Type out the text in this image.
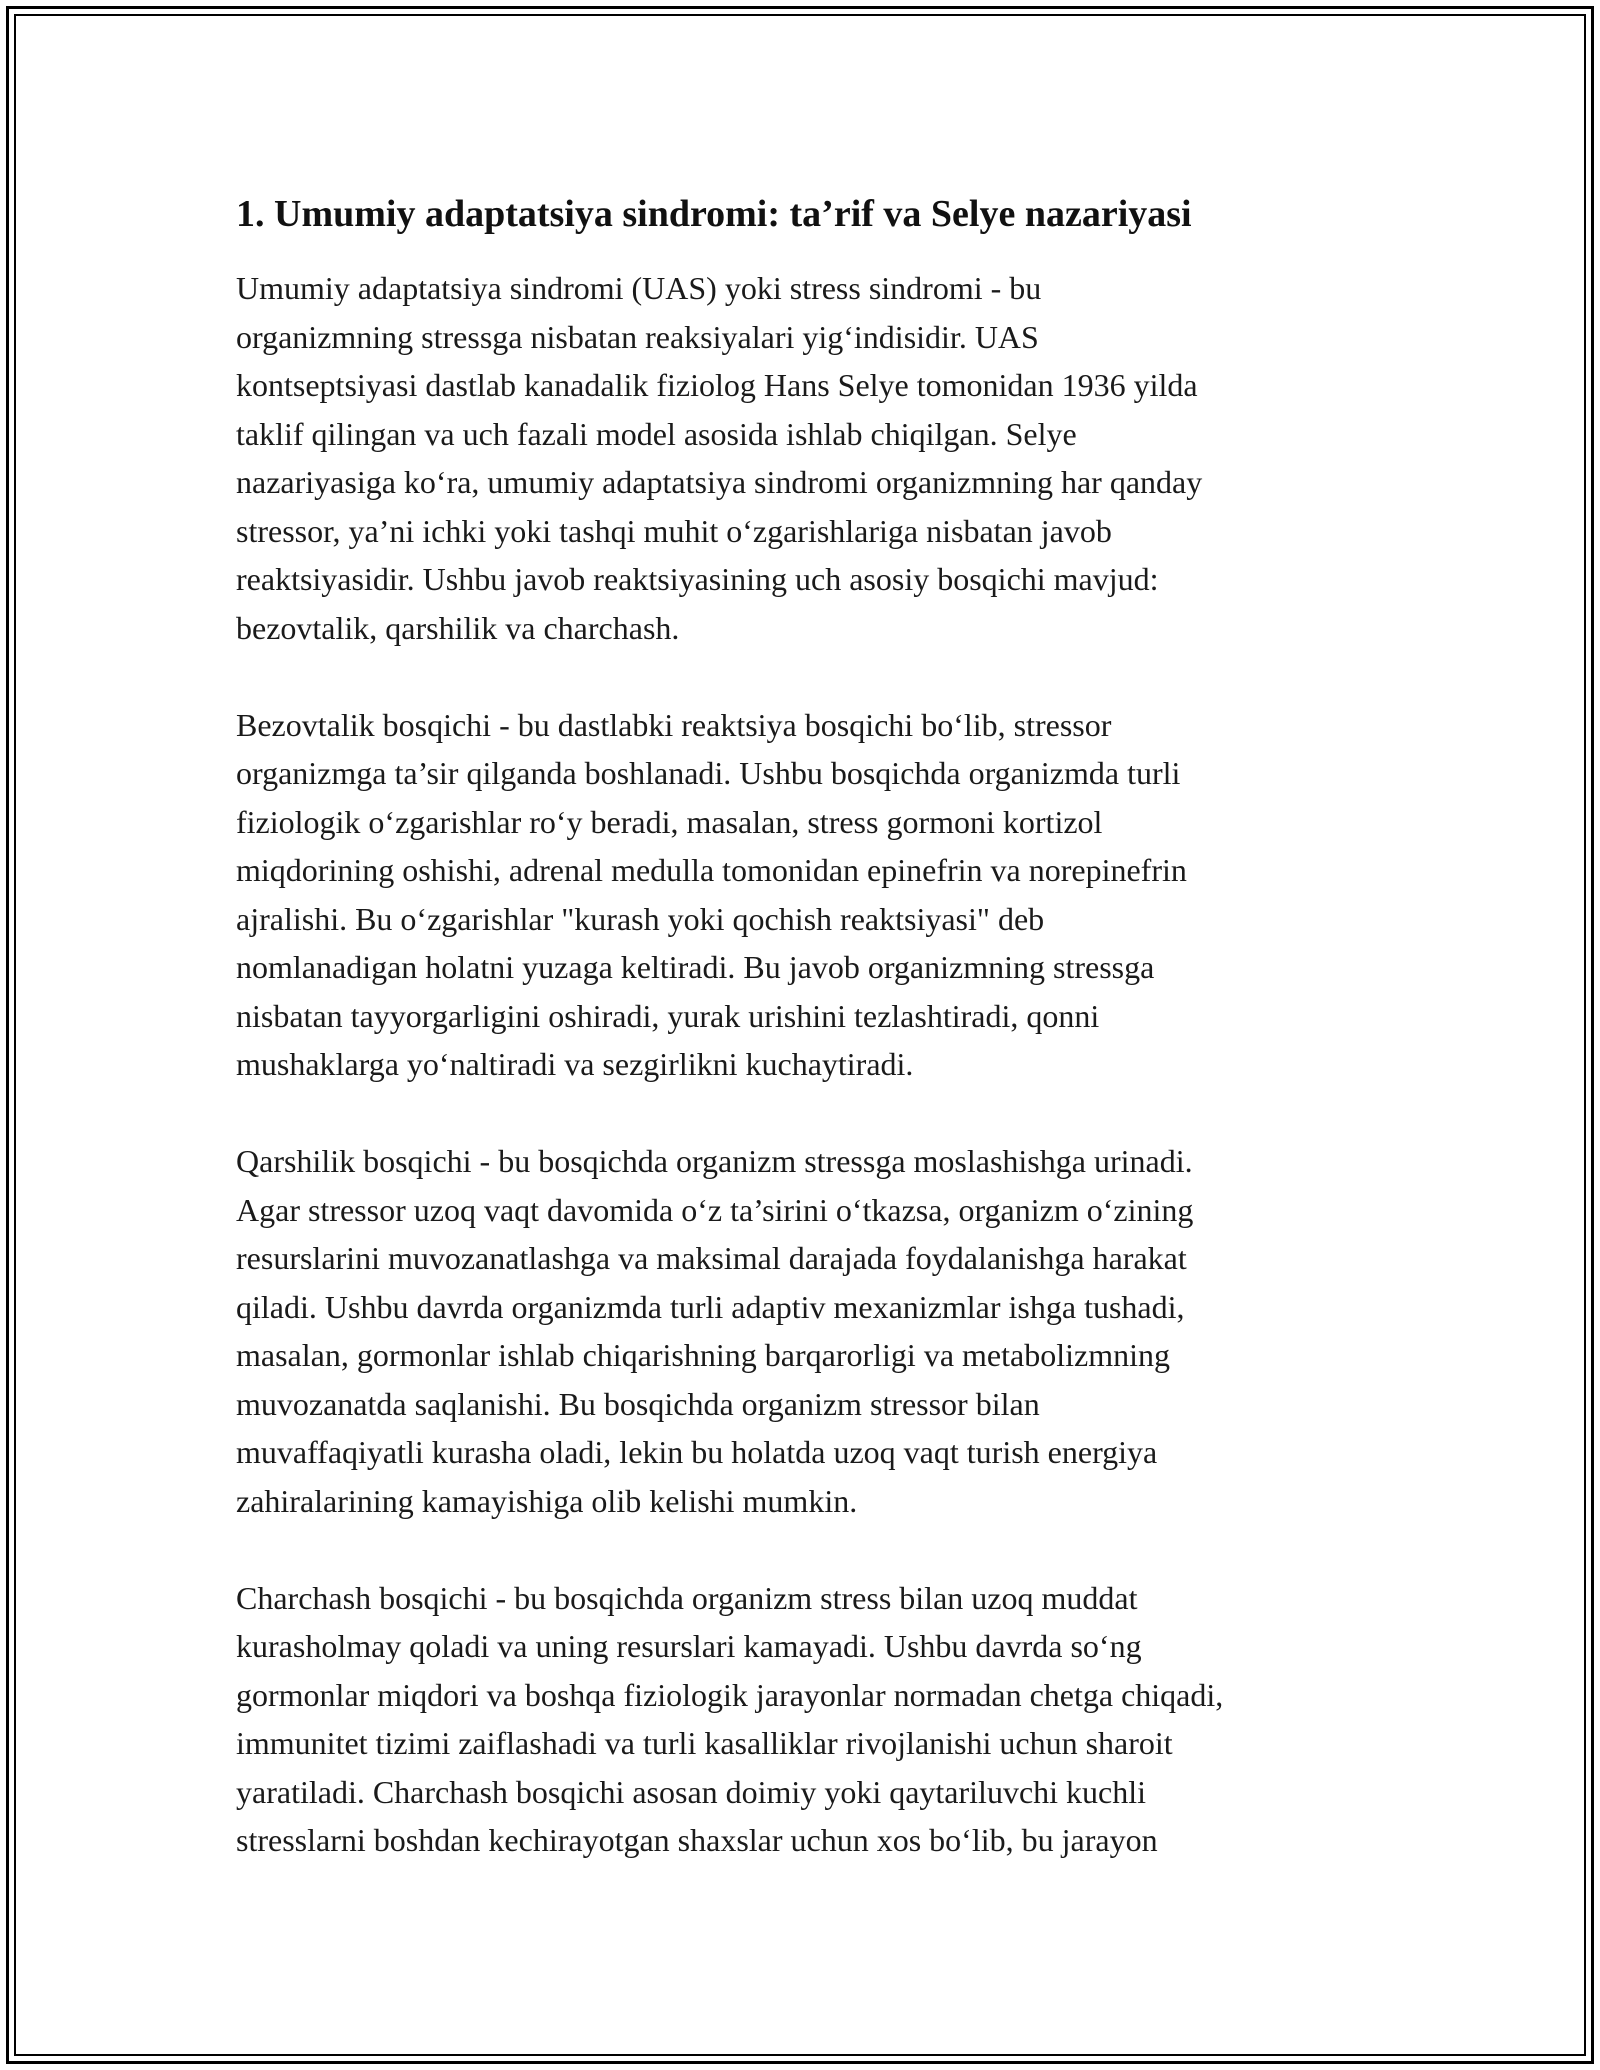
1. Umumiy adaptatsiya sindromi: ta’rif va Selye nazariyasi
Umumiy adaptatsiya sindromi (UAS) yoki stress sindromi - bu
organizmning stressga nisbatan reaksiyalari yig‘indisidir. UAS
kontseptsiyasi dastlab kanadalik fiziolog Hans Selye tomonidan 1936 yilda
taklif qilingan va uch fazali model asosida ishlab chiqilgan. Selye
nazariyasiga ko‘ra, umumiy adaptatsiya sindromi organizmning har qanday
stressor, ya’ni ichki yoki tashqi muhit o‘zgarishlariga nisbatan javob
reaktsiyasidir. Ushbu javob reaktsiyasining uch asosiy bosqichi mavjud:
bezovtalik, qarshilik va charchash.
Bezovtalik bosqichi - bu dastlabki reaktsiya bosqichi bo‘lib, stressor
organizmga ta’sir qilganda boshlanadi. Ushbu bosqichda organizmda turli
fiziologik o‘zgarishlar ro‘y beradi, masalan, stress gormoni kortizol
miqdorining oshishi, adrenal medulla tomonidan epinefrin va norepinefrin
ajralishi. Bu o‘zgarishlar "kurash yoki qochish reaktsiyasi" deb
nomlanadigan holatni yuzaga keltiradi. Bu javob organizmning stressga
nisbatan tayyorgarligini oshiradi, yurak urishini tezlashtiradi, qonni
mushaklarga yo‘naltiradi va sezgirlikni kuchaytiradi.
Qarshilik bosqichi - bu bosqichda organizm stressga moslashishga urinadi.
Agar stressor uzoq vaqt davomida o‘z ta’sirini o‘tkazsa, organizm o‘zining
resurslarini muvozanatlashga va maksimal darajada foydalanishga harakat
qiladi. Ushbu davrda organizmda turli adaptiv mexanizmlar ishga tushadi,
masalan, gormonlar ishlab chiqarishning barqarorligi va metabolizmning
muvozanatda saqlanishi. Bu bosqichda organizm stressor bilan
muvaffaqiyatli kurasha oladi, lekin bu holatda uzoq vaqt turish energiya
zahiralarining kamayishiga olib kelishi mumkin.
Charchash bosqichi - bu bosqichda organizm stress bilan uzoq muddat
kurasholmay qoladi va uning resurslari kamayadi. Ushbu davrda so‘ng
gormonlar miqdori va boshqa fiziologik jarayonlar normadan chetga chiqadi,
immunitet tizimi zaiflashadi va turli kasalliklar rivojlanishi uchun sharoit
yaratiladi. Charchash bosqichi asosan doimiy yoki qaytariluvchi kuchli
stresslarni boshdan kechirayotgan shaxslar uchun xos bo‘lib, bu jarayon
